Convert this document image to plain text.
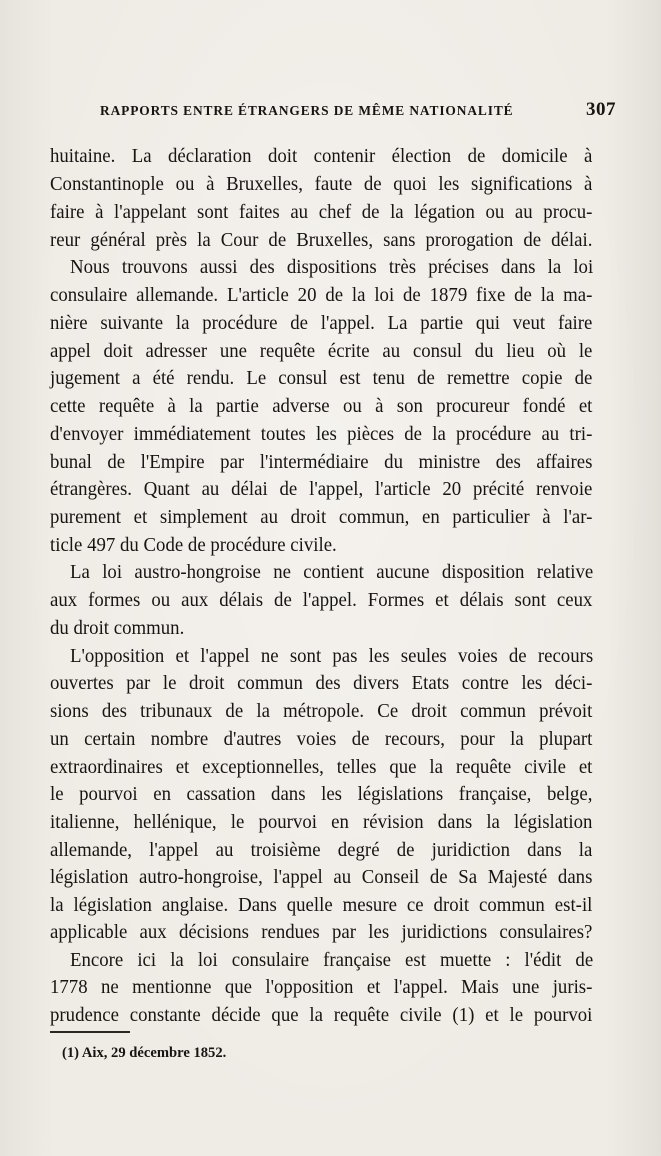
RAPPORTS ENTRE ÉTRANGERS DE MÊME NATIONALITÉ	307
huitaine. La déclaration doit contenir élection de domicile à
Constantinople ou à Bruxelles, faute de quoi les significations à
faire à l'appelant sont faites au chef de la légation ou au procu-
reur général près la Cour de Bruxelles, sans prorogation de délai.
Nous trouvons aussi des dispositions très précises dans la loi
consulaire allemande. L'article 20 de la loi de 1879 fixe de la ma-
nière suivante la procédure de l'appel. La partie qui veut faire
appel doit adresser une requête écrite au consul du lieu où le
jugement a été rendu. Le consul est tenu de remettre copie de
cette requête à la partie adverse ou à son procureur fondé et
d'envoyer immédiatement toutes les pièces de la procédure au tri-
bunal de l'Empire par l'intermédiaire du ministre des affaires
étrangères. Quant au délai de l'appel, l'article 20 précité renvoie
purement et simplement au droit commun, en particulier à l'ar-
ticle 497 du Code de procédure civile.
La loi austro-hongroise ne contient aucune disposition relative
aux formes ou aux délais de l'appel. Formes et délais sont ceux
du droit commun.
L'opposition et l'appel ne sont pas les seules voies de recours
ouvertes par le droit commun des divers Etats contre les déci-
sions des tribunaux de la métropole. Ce droit commun prévoit
un certain nombre d'autres voies de recours, pour la plupart
extraordinaires et exceptionnelles, telles que la requête civile et
le pourvoi en cassation dans les législations française, belge,
italienne, hellénique, le pourvoi en révision dans la législation
allemande, l'appel au troisième degré de juridiction dans la
législation autro-hongroise, l'appel au Conseil de Sa Majesté dans
la législation anglaise. Dans quelle mesure ce droit commun est-il
applicable aux décisions rendues par les juridictions consulaires?
Encore ici la loi consulaire française est muette : l'édit de
1778 ne mentionne que l'opposition et l'appel. Mais une juris-
prudence constante décide que la requête civile (1) et le pourvoi
(1) Aix, 29 décembre 1852.
